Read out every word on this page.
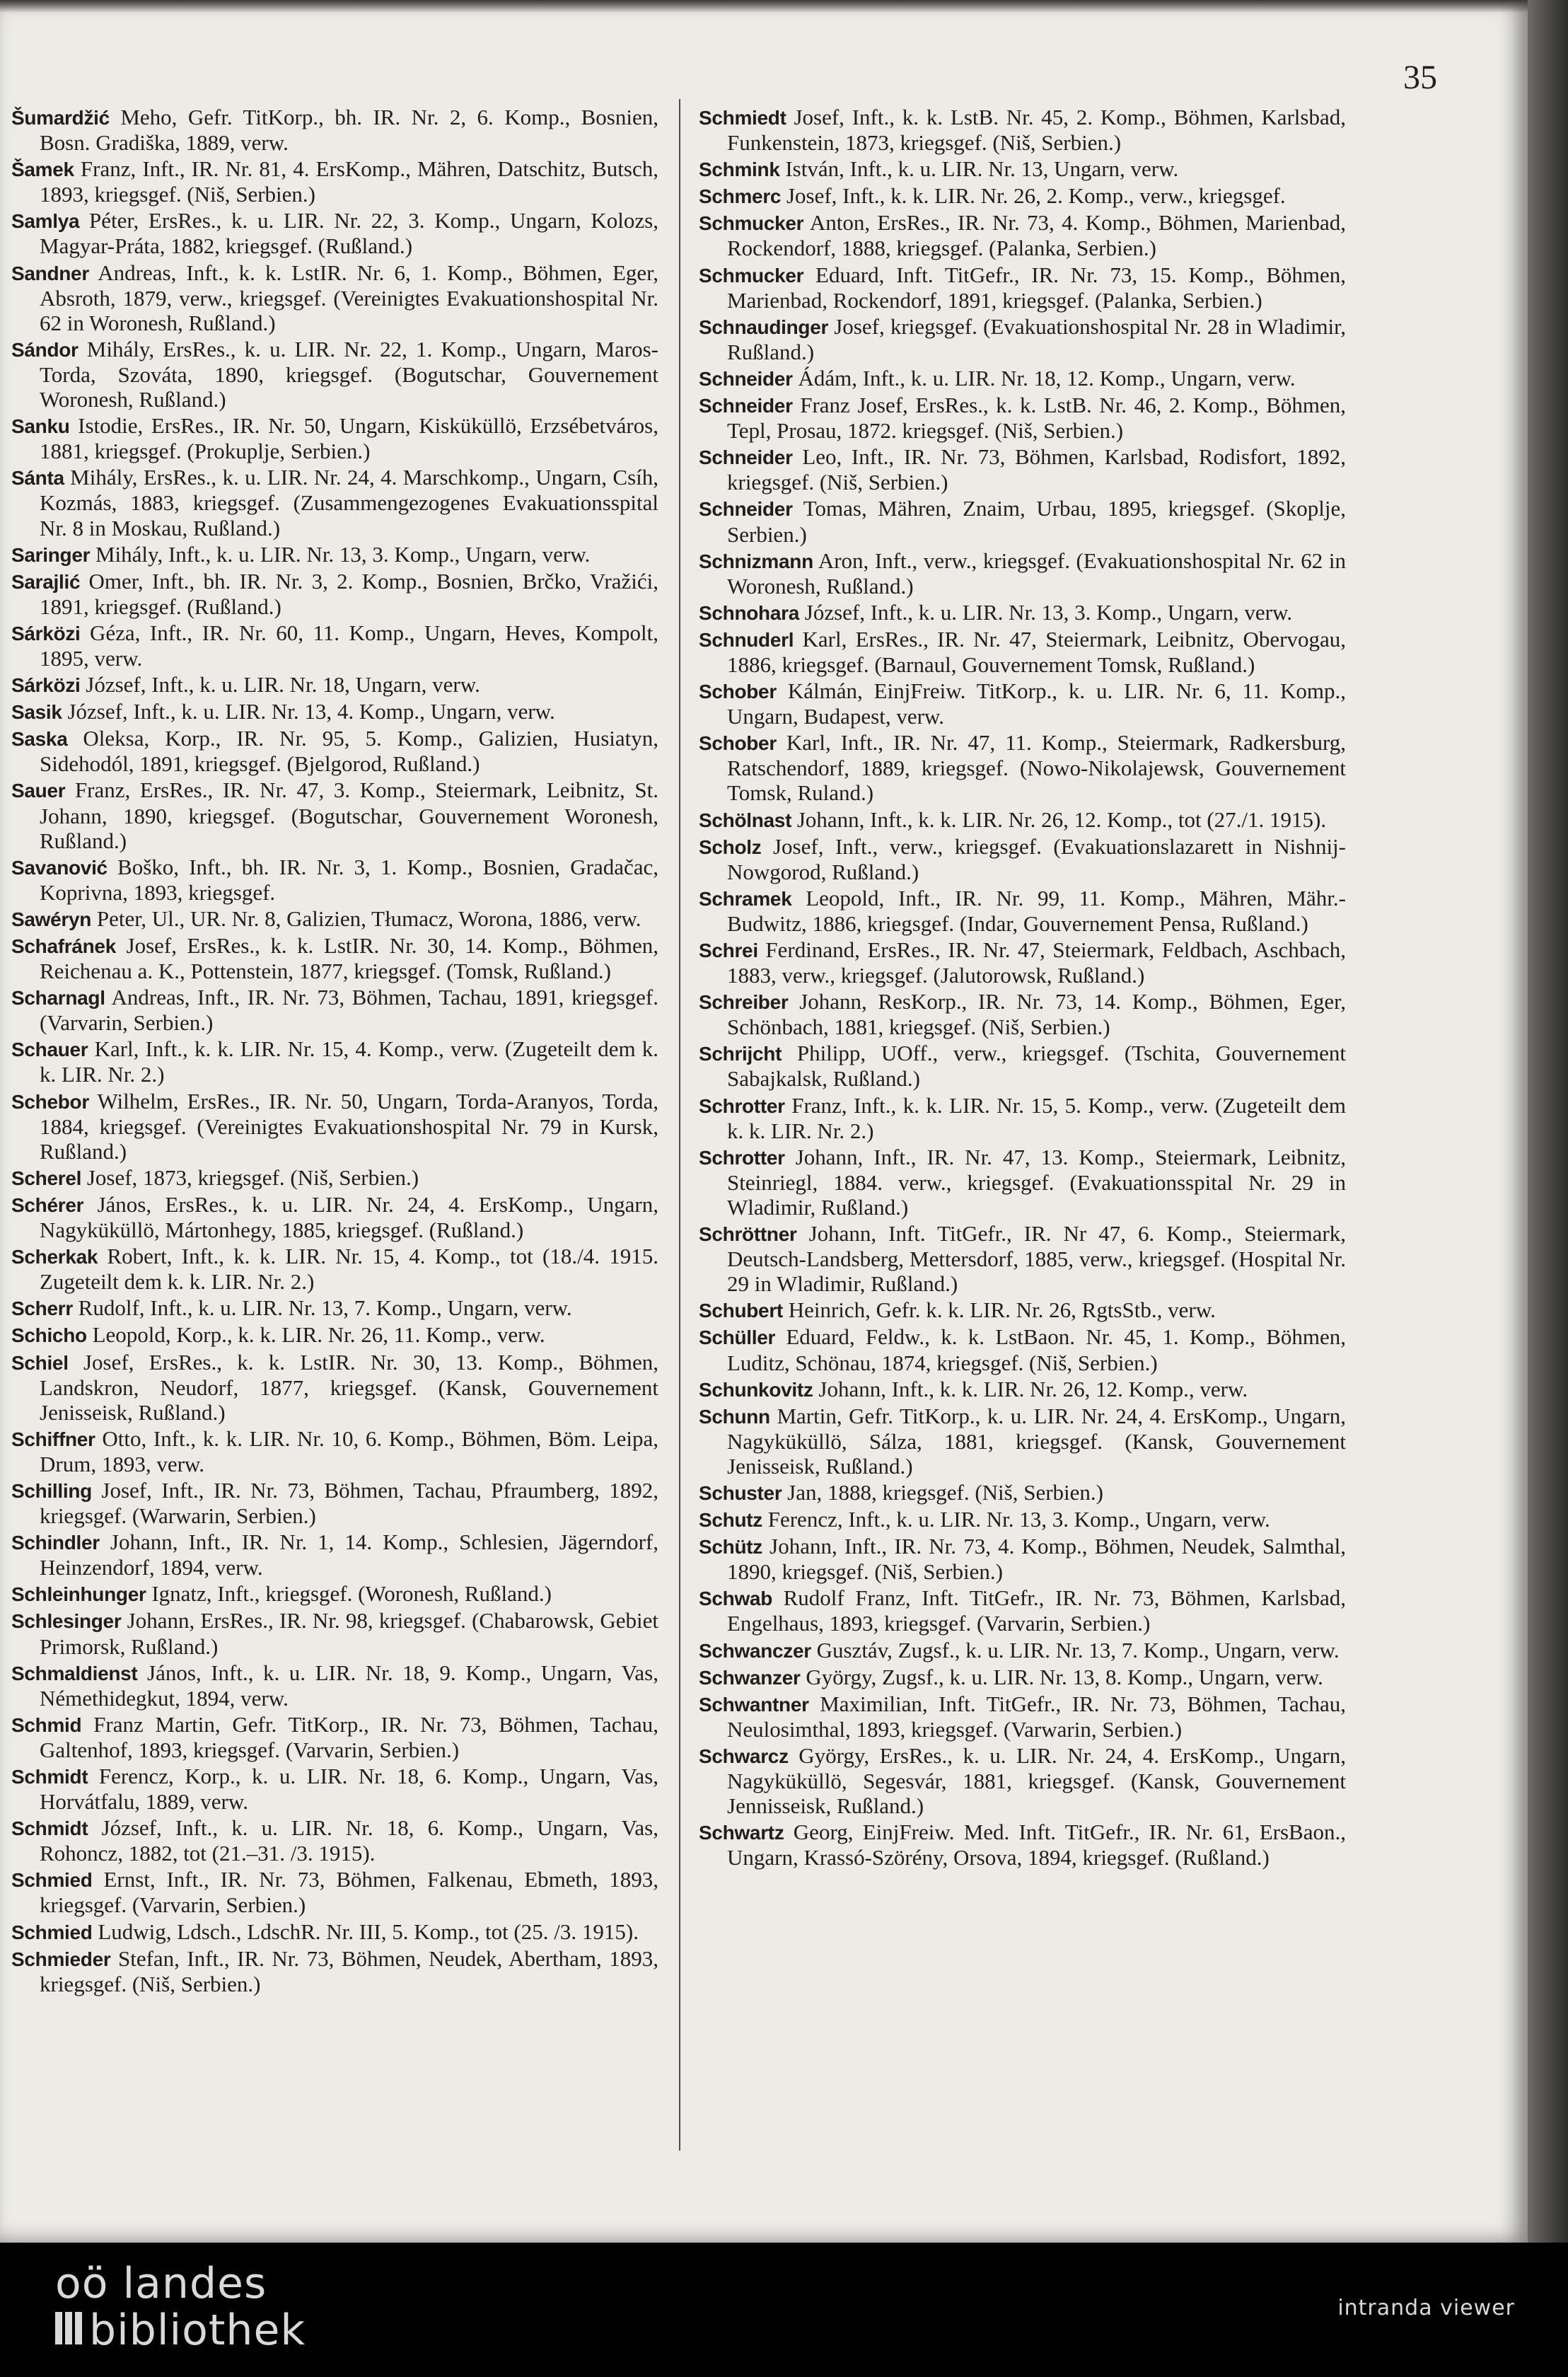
35

Šumardžić Meho, Gefr. TitKorp., bh. IR. Nr. 2, 6. Komp., Bosnien, Bosn. Gradiška, 1889, verw.

Šamek Franz, Inft., IR. Nr. 81, 4. ErsKomp., Mähren, Datschitz, Butsch, 1893, kriegsgef. (Niš, Serbien.)

Samlya Péter, ErsRes., k. u. LIR. Nr. 22, 3. Komp., Ungarn, Kolozs, Magyar-Práta, 1882, kriegsgef. (Rußland.)

Sandner Andreas, Inft., k. k. LstIR. Nr. 6, 1. Komp., Böhmen, Eger, Absroth, 1879, verw., kriegsgef. (Vereinigtes Evakuationshospital Nr. 62 in Woronesh, Rußland.)

Sándor Mihály, ErsRes., k. u. LIR. Nr. 22, 1. Komp., Ungarn, Maros-Torda, Szováta, 1890, kriegsgef. (Bogutschar, Gouvernement Woronesh, Rußland.)

Sanku Istodie, ErsRes., IR. Nr. 50, Ungarn, Kisküküllö, Erzsébetváros, 1881, kriegsgef. (Prokuplje, Serbien.)

Sánta Mihály, ErsRes., k. u. LIR. Nr. 24, 4. Marschkomp., Ungarn, Csíh, Kozmás, 1883, kriegsgef. (Zusammengezogenes Evakuationsspital Nr. 8 in Moskau, Rußland.)

Saringer Mihály, Inft., k. u. LIR. Nr. 13, 3. Komp., Ungarn, verw.

Sarajlić Omer, Inft., bh. IR. Nr. 3, 2. Komp., Bosnien, Brčko, Vražići, 1891, kriegsgef. (Rußland.)

Sárközi Géza, Inft., IR. Nr. 60, 11. Komp., Ungarn, Heves, Kompolt, 1895, verw.

Sárközi József, Inft., k. u. LIR. Nr. 18, Ungarn, verw.

Sasik József, Inft., k. u. LIR. Nr. 13, 4. Komp., Ungarn, verw.

Saska Oleksa, Korp., IR. Nr. 95, 5. Komp., Galizien, Husiatyn, Sidehodól, 1891, kriegsgef. (Bjelgorod, Rußland.)

Sauer Franz, ErsRes., IR. Nr. 47, 3. Komp., Steiermark, Leibnitz, St. Johann, 1890, kriegsgef. (Bogutschar, Gouvernement Woronesh, Rußland.)

Savanović Boško, Inft., bh. IR. Nr. 3, 1. Komp., Bosnien, Gradačac, Koprivna, 1893, kriegsgef.

Sawéryn Peter, Ul., UR. Nr. 8, Galizien, Tłumacz, Worona, 1886, verw.

Schafránek Josef, ErsRes., k. k. LstIR. Nr. 30, 14. Komp., Böhmen, Reichenau a. K., Pottenstein, 1877, kriegsgef. (Tomsk, Rußland.)

Scharnagl Andreas, Inft., IR. Nr. 73, Böhmen, Tachau, 1891, kriegsgef. (Varvarin, Serbien.)

Schauer Karl, Inft., k. k. LIR. Nr. 15, 4. Komp., verw. (Zugeteilt dem k. k. LIR. Nr. 2.)

Schebor Wilhelm, ErsRes., IR. Nr. 50, Ungarn, Torda-Aranyos, Torda, 1884, kriegsgef. (Vereinigtes Evakuationshospital Nr. 79 in Kursk, Rußland.)

Scherel Josef, 1873, kriegsgef. (Niš, Serbien.)

Schérer János, ErsRes., k. u. LIR. Nr. 24, 4. ErsKomp., Ungarn, Nagyküküllö, Mártonhegy, 1885, kriegsgef. (Rußland.)

Scherkak Robert, Inft., k. k. LIR. Nr. 15, 4. Komp., tot (18./4. 1915. Zugeteilt dem k. k. LIR. Nr. 2.)

Scherr Rudolf, Inft., k. u. LIR. Nr. 13, 7. Komp., Ungarn, verw.

Schicho Leopold, Korp., k. k. LIR. Nr. 26, 11. Komp., verw.

Schiel Josef, ErsRes., k. k. LstIR. Nr. 30, 13. Komp., Böhmen, Landskron, Neudorf, 1877, kriegsgef. (Kansk, Gouvernement Jenisseisk, Rußland.)

Schiffner Otto, Inft., k. k. LIR. Nr. 10, 6. Komp., Böhmen, Böm. Leipa, Drum, 1893, verw.

Schilling Josef, Inft., IR. Nr. 73, Böhmen, Tachau, Pfraumberg, 1892, kriegsgef. (Warwarin, Serbien.)

Schindler Johann, Inft., IR. Nr. 1, 14. Komp., Schlesien, Jägerndorf, Heinzendorf, 1894, verw.

Schleinhunger Ignatz, Inft., kriegsgef. (Woronesh, Rußland.)

Schlesinger Johann, ErsRes., IR. Nr. 98, kriegsgef. (Chabarowsk, Gebiet Primorsk, Rußland.)

Schmaldienst János, Inft., k. u. LIR. Nr. 18, 9. Komp., Ungarn, Vas, Némethidegkut, 1894, verw.

Schmid Franz Martin, Gefr. TitKorp., IR. Nr. 73, Böhmen, Tachau, Galtenhof, 1893, kriegsgef. (Varvarin, Serbien.)

Schmidt Ferencz, Korp., k. u. LIR. Nr. 18, 6. Komp., Ungarn, Vas, Horvátfalu, 1889, verw.

Schmidt József, Inft., k. u. LIR. Nr. 18, 6. Komp., Ungarn, Vas, Rohoncz, 1882, tot (21.–31. /3. 1915).

Schmied Ernst, Inft., IR. Nr. 73, Böhmen, Falkenau, Ebmeth, 1893, kriegsgef. (Varvarin, Serbien.)

Schmied Ludwig, Ldsch., LdschR. Nr. III, 5. Komp., tot (25. /3. 1915).

Schmieder Stefan, Inft., IR. Nr. 73, Böhmen, Neudek, Abertham, 1893, kriegsgef. (Niš, Serbien.)

Schmiedt Josef, Inft., k. k. LstB. Nr. 45, 2. Komp., Böhmen, Karlsbad, Funkenstein, 1873, kriegsgef. (Niš, Serbien.)

Schmink István, Inft., k. u. LIR. Nr. 13, Ungarn, verw.

Schmerc Josef, Inft., k. k. LIR. Nr. 26, 2. Komp., verw., kriegsgef.

Schmucker Anton, ErsRes., IR. Nr. 73, 4. Komp., Böhmen, Marienbad, Rockendorf, 1888, kriegsgef. (Palanka, Serbien.)

Schmucker Eduard, Inft. TitGefr., IR. Nr. 73, 15. Komp., Böhmen, Marienbad, Rockendorf, 1891, kriegsgef. (Palanka, Serbien.)

Schnaudinger Josef, kriegsgef. (Evakuationshospital Nr. 28 in Wladimir, Rußland.)

Schneider Ádám, Inft., k. u. LIR. Nr. 18, 12. Komp., Ungarn, verw.

Schneider Franz Josef, ErsRes., k. k. LstB. Nr. 46, 2. Komp., Böhmen, Tepl, Prosau, 1872. kriegsgef. (Niš, Serbien.)

Schneider Leo, Inft., IR. Nr. 73, Böhmen, Karlsbad, Rodisfort, 1892, kriegsgef. (Niš, Serbien.)

Schneider Tomas, Mähren, Znaim, Urbau, 1895, kriegsgef. (Skoplje, Serbien.)

Schnizmann Aron, Inft., verw., kriegsgef. (Evakuationshospital Nr. 62 in Woronesh, Rußland.)

Schnohara József, Inft., k. u. LIR. Nr. 13, 3. Komp., Ungarn, verw.

Schnuderl Karl, ErsRes., IR. Nr. 47, Steiermark, Leibnitz, Obervogau, 1886, kriegsgef. (Barnaul, Gouvernement Tomsk, Rußland.)

Schober Kálmán, EinjFreiw. TitKorp., k. u. LIR. Nr. 6, 11. Komp., Ungarn, Budapest, verw.

Schober Karl, Inft., IR. Nr. 47, 11. Komp., Steiermark, Radkersburg, Ratschendorf, 1889, kriegsgef. (Nowo-Nikolajewsk, Gouvernement Tomsk, Ruland.)

Schölnast Johann, Inft., k. k. LIR. Nr. 26, 12. Komp., tot (27./1. 1915).

Scholz Josef, Inft., verw., kriegsgef. (Evakuationslazarett in Nishnij-Nowgorod, Rußland.)

Schramek Leopold, Inft., IR. Nr. 99, 11. Komp., Mähren, Mähr.-Budwitz, 1886, kriegsgef. (Indar, Gouvernement Pensa, Rußland.)

Schrei Ferdinand, ErsRes., IR. Nr. 47, Steiermark, Feldbach, Aschbach, 1883, verw., kriegsgef. (Jalutorowsk, Rußland.)

Schreiber Johann, ResKorp., IR. Nr. 73, 14. Komp., Böhmen, Eger, Schönbach, 1881, kriegsgef. (Niš, Serbien.)

Schrijcht Philipp, UOff., verw., kriegsgef. (Tschita, Gouvernement Sabajkalsk, Rußland.)

Schrotter Franz, Inft., k. k. LIR. Nr. 15, 5. Komp., verw. (Zugeteilt dem k. k. LIR. Nr. 2.)

Schrotter Johann, Inft., IR. Nr. 47, 13. Komp., Steiermark, Leibnitz, Steinriegl, 1884. verw., kriegsgef. (Evakuationsspital Nr. 29 in Wladimir, Rußland.)

Schröttner Johann, Inft. TitGefr., IR. Nr 47, 6. Komp., Steiermark, Deutsch-Landsberg, Mettersdorf, 1885, verw., kriegsgef. (Hospital Nr. 29 in Wladimir, Rußland.)

Schubert Heinrich, Gefr. k. k. LIR. Nr. 26, RgtsStb., verw.

Schüller Eduard, Feldw., k. k. LstBaon. Nr. 45, 1. Komp., Böhmen, Luditz, Schönau, 1874, kriegsgef. (Niš, Serbien.)

Schunkovitz Johann, Inft., k. k. LIR. Nr. 26, 12. Komp., verw.

Schunn Martin, Gefr. TitKorp., k. u. LIR. Nr. 24, 4. ErsKomp., Ungarn, Nagyküküllö, Sálza, 1881, kriegsgef. (Kansk, Gouvernement Jenisseisk, Rußland.)

Schuster Jan, 1888, kriegsgef. (Niš, Serbien.)

Schutz Ferencz, Inft., k. u. LIR. Nr. 13, 3. Komp., Ungarn, verw.

Schütz Johann, Inft., IR. Nr. 73, 4. Komp., Böhmen, Neudek, Salmthal, 1890, kriegsgef. (Niš, Serbien.)

Schwab Rudolf Franz, Inft. TitGefr., IR. Nr. 73, Böhmen, Karlsbad, Engelhaus, 1893, kriegsgef. (Varvarin, Serbien.)

Schwanczer Gusztáv, Zugsf., k. u. LIR. Nr. 13, 7. Komp., Ungarn, verw.

Schwanzer György, Zugsf., k. u. LIR. Nr. 13, 8. Komp., Ungarn, verw.

Schwantner Maximilian, Inft. TitGefr., IR. Nr. 73, Böhmen, Tachau, Neulosimthal, 1893, kriegsgef. (Varwarin, Serbien.)

Schwarcz György, ErsRes., k. u. LIR. Nr. 24, 4. ErsKomp., Ungarn, Nagyküküllö, Segesvár, 1881, kriegsgef. (Kansk, Gouvernement Jennisseisk, Rußland.)

Schwartz Georg, EinjFreiw. Med. Inft. TitGefr., IR. Nr. 61, ErsBaon., Ungarn, Krassó-Szörény, Orsova, 1894, kriegsgef. (Rußland.)

oö landes
bibliothek	intranda viewer
